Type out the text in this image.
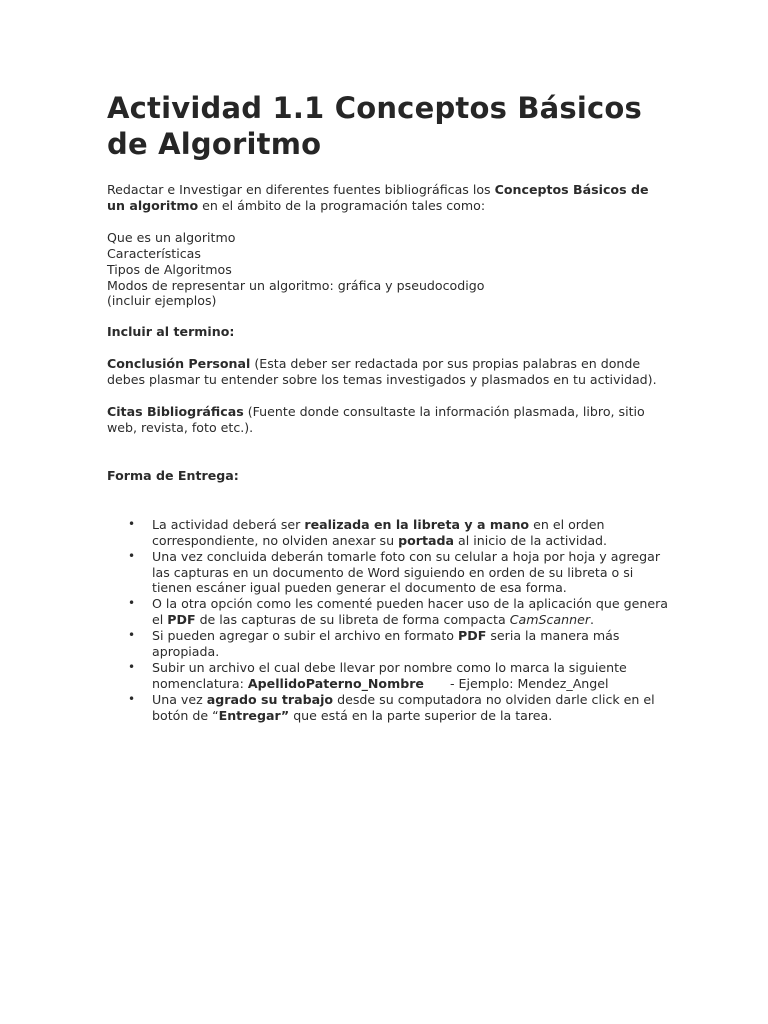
Actividad 1.1 Conceptos Básicos de Algoritmo

Redactar e Investigar en diferentes fuentes bibliográficas los Conceptos Básicos de un algoritmo en el ámbito de la programación tales como:

Que es un algoritmo
Características
Tipos de Algoritmos
Modos de representar un algoritmo: gráfica y pseudocodigo
(incluir ejemplos)

Incluir al termino:

Conclusión Personal (Esta deber ser redactada por sus propias palabras en donde debes plasmar tu entender sobre los temas investigados y plasmados en tu actividad).

Citas Bibliográficas (Fuente donde consultaste la información plasmada, libro, sitio web, revista, foto etc.).

Forma de Entrega:

• La actividad deberá ser realizada en la libreta y a mano en el orden correspondiente, no olviden anexar su portada al inicio de la actividad.
• Una vez concluida deberán tomarle foto con su celular a hoja por hoja y agregar las capturas en un documento de Word siguiendo en orden de su libreta o si tienen escáner igual pueden generar el documento de esa forma.
• O la otra opción como les comenté pueden hacer uso de la aplicación que genera el PDF de las capturas de su libreta de forma compacta CamScanner.
• Si pueden agregar o subir el archivo en formato PDF seria la manera más apropiada.
• Subir un archivo el cual debe llevar por nombre como lo marca la siguiente nomenclatura: ApellidoPaterno_Nombre - Ejemplo: Mendez_Angel
• Una vez agrado su trabajo desde su computadora no olviden darle click en el botón de “Entregar” que está en la parte superior de la tarea.
